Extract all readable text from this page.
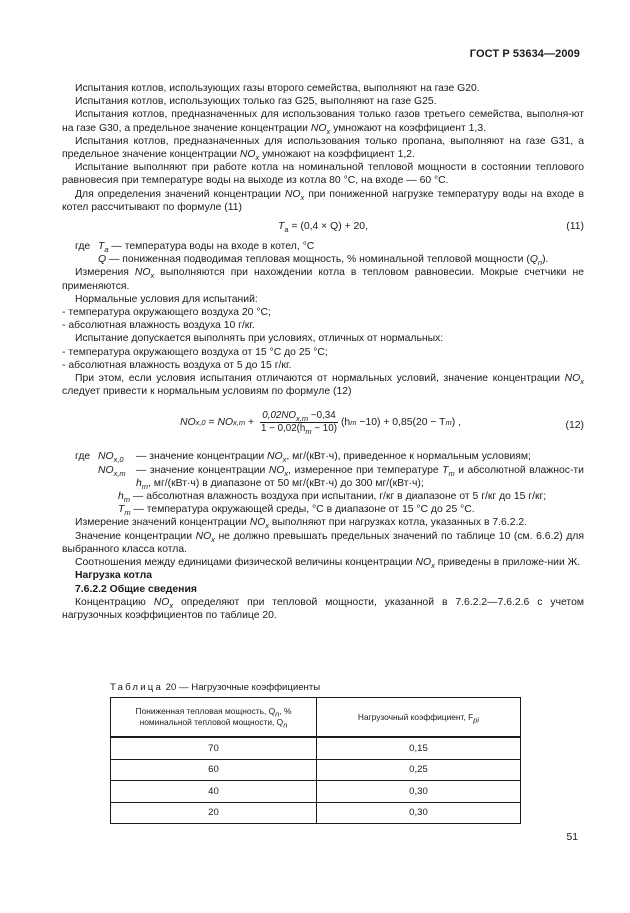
ГОСТ Р 53634—2009

Испытания котлов, использующих газы второго семейства, выполняют на газе G20.

Испытания котлов, использующих только газ G25, выполняют на газе G25.

Испытания котлов, предназначенных для использования только газов третьего семейства, выполня-ют на газе G30, а предельное значение концентрации $NO_x$ умножают на коэффициент 1,3.

Испытания котлов, предназначенных для использования только пропана, выполняют на газе G31, а предельное значение концентрации $NO_x$ умножают на коэффициент 1,2.

Испытание выполняют при работе котла на номинальной тепловой мощности в состоянии теплового равновесия при температуре воды на выходе из котла 80 °С, на входе — 60 °С.

Для определения значений концентрации $NO_x$ при пониженной нагрузке температуру воды на входе в котел рассчитывают по формуле (11)

$T_a = (0,4 \times Q) + 20$,	(11)
где $T_a$ — температура воды на входе в котел, °С
Q — пониженная подводимая тепловая мощность, % номинальной тепловой мощности $(Q_n)$.

Измерения $NO_x$ выполняются при нахождении котла в тепловом равновесии. Мокрые счетчики не применяются.

Нормальные условия для испытаний:

- температура окружающего воздуха 20 °С;

- абсолютная влажность воздуха 10 г/кг.

Испытание допускается выполнять при условиях, отличных от нормальных:

- температура окружающего воздуха от 15 °С до 25 °С;

- абсолютная влажность воздуха от 5 до 15 г/кг.

При этом, если условия испытания отличаются от нормальных условий, значение концентрации $NO_x$ следует привести к нормальным условиям по формуле (12)

NO x,0 = NO $x,m + \frac{0,02NO_{x,m} -0,34}{1 - 0,02(h_m - 10)} (h$ m −10) + 0,85(20 − T m ) ,	(12)
где $NO_{x,0}$	— значение концентрации $NO_x$, мг/(кВт·ч), приведенное к нормальным условиям;
$NO_{x,m}$ — значение концентрации $NO_x$, измеренное при температуре $T_m$ и абсолютной влажнос-ти $h_m$, мг/(кВт·ч) в диапазоне от 50 мг/(кВт·ч) до 300 мг/(кВт·ч);
$h_m$ — абсолютная влажность воздуха при испытании, г/кг в диапазоне от 5 г/кг до 15 г/кг;
$T_m$ — температура окружающей среды, °С в диапазоне от 15 °С до 25 °С.

Измерение значений концентрации $NO_x$ выполняют при нагрузках котла, указанных в 7.6.2.2.

Значение концентрации $NO_x$ не должно превышать предельных значений по таблице 10 (см. 6.6.2) для выбранного класса котла.

Соотношения между единицами физической величины концентрации $NO_x$ приведены в приложе-нии Ж.

Нагрузка котла

7.6.2.2 Общие сведения

Концентрацию $NO_x$ определяют при тепловой мощности, указанной в 7.6.2.2—7.6.2.6 с учетом нагрузочных коэффициентов по таблице 20.

Таблица 20 — Нагрузочные коэффициенты
Пониженная тепловая мощность, $Q_n$, % номинальной тепловой мощности, $Q_n$	Нагрузочный коэффициент, $F_{pi}$
70	0,15
60	0,25
40	0,30
20	0,30
51
